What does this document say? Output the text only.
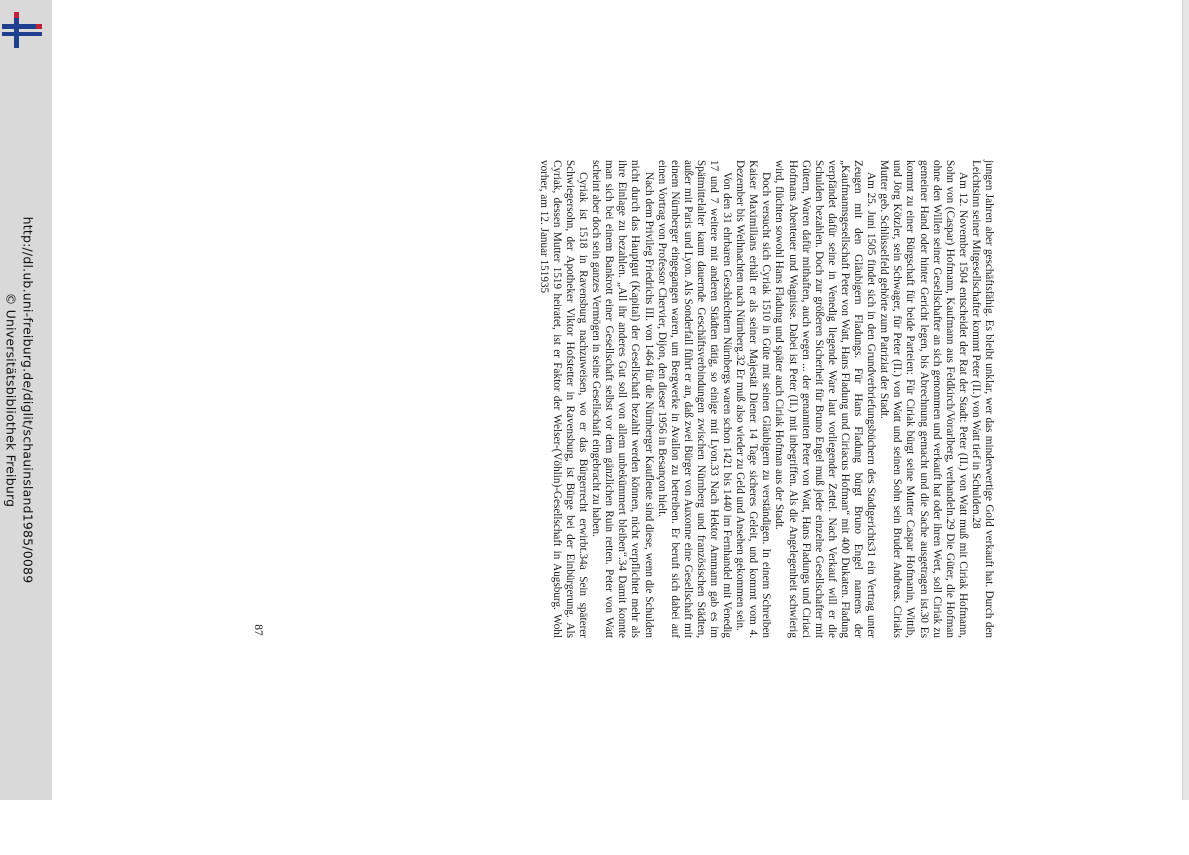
http://dl.ub.uni-freiburg.de/diglit/schauinsland1985/0089
© Universitätsbibliothek Freiburg	jungen Jahren aber geschäftsfähig. Es bleibt unklar, wer das minderwertige Gold verkauft hat. Durch den Leichtsinn seiner Mitgesellschafter kommt Peter (II.) von Watt tief in Schulden.28

Am 12. November 1504 entscheidet der Rat der Stadt: Peter (II.) von Watt muß mit Ciriak Hofmann, Sohn von (Caspar) Hofmann, Kaufmann aus Feldkirch/Vorarlberg, verhandeln.29 Die Güter, die Hofman ohne den Willen seiner Gesellschafter an sich genommen und verkauft hat oder ihren Wert, soll Ciriak zu gemeiner Hand oder hinter Gericht legen, bis Abrechnung gemacht und die Sache ausgetragen ist.30 Es kommt zu einer Bürgschaft für beide Parteien: Für Ciriak bürgt seine Mutter Caspar Hofmanin, Wittib, und Jörg Kötzler, sein Schwager, für Peter (II.) von Watt und seinen Sohn sein Bruder Andreas. Ciriaks Mutter geb. Schlüsselfeld gehörte zum Patriziat der Stadt.

Am 25. Juni 1505 findet sich in den Grundverbriefungsbüchern des Stadtgerichts31 ein Vertrag unter Zeugen mit den Gläubigern Fladungs. Für Hans Fladung bürgt Bruno Engel namens der „Kaufmannsgesellschaft Peter von Watt, Hans Fladung und Ciriacus Hofman“ mit 400 Dukaten. Fladung verpfändet dafür seine in Venedig liegende Ware laut vorliegender Zettel. Nach Verkauf will er die Schulden bezahlen. Doch zur größeren Sicherheit für Bruno Engel muß jeder einzelne Gesellschafter mit Gütern, Waren dafür mithaften, auch wegen ... der genannten Peter von Watt, Hans Fladungs und Ciriaci Hofmans Abenteuer und Wagnisse. Dabei ist Peter (II.) mit inbegriffen. Als die Angelegenheit schwierig wird, flüchten sowohl Hans Fladung und später auch Ciriak Hofman aus der Stadt.

Doch versucht sich Cyriak 1510 in Güte mit seinen Gläubigern zu verständigen. In einem Schreiben Kaiser Maximilians erhält er als seiner Majestät Diener 14 Tage sicheres Geleit, und kommt vom 4. Dezember bis Weihnachten nach Nürnberg.32 Er muß also wieder zu Geld und Ansehen gekommen sein.

Von den 31 ehrbaren Geschlechtern Nürnbergs waren schon 1421 bis 1440 im Fernhandel mit Venedig 17 und 7 weitere mit anderen Städten tätig, so einige mit Lyon.33 Nach Hektor Ammann gab es im Spätmittelalter kaum dauernde Geschäftsverbindungen zwischen Nürnberg und französischen Städten, außer mit Paris und Lyon. Als Sonderfall führt er an, daß zwei Bürger von Auxonne eine Gesellschaft mit einem Nürnberger eingegangen waren, um Bergwerke in Avallon zu betreiben. Er beruft sich dabei auf einen Vortrag von Professor Chervier, Dijon, den dieser 1956 in Besançon hielt.

Nach dem Privileg Friedrichs III. von 1464 für die Nürnberger Kaufleute sind diese, wenn die Schulden nicht durch das Hauptgut (Kapital) der Gesellschaft bezahlt werden können, nicht verpflichtet mehr als ihre Einlage zu bezahlen. „All ihr anderes Gut soll von allem unbekümmert bleiben“.34 Damit konnte man sich bei einem Bankrott einer Gesellschaft selbst vor dem gänzlichen Ruin retten. Peter von Watt scheint aber doch sein ganzes Vermögen in seine Gesellschaft eingebracht zu haben.

Cyriak ist 1518 in Ravensburg nachzuweisen, wo er das Bürgerrecht erwirbt.34a Sein späterer Schwiegersohn, der Apotheker Viktor Hofstetter in Ravensburg, ist Bürge bei der Einbürgerung. Als Cyriak, dessen Mutter 1519 heiratet, ist er Faktor der Welser-(Vöhlin)-Gesellschaft in Augsburg. Wohl vorher, am 12. Januar 151935

87
